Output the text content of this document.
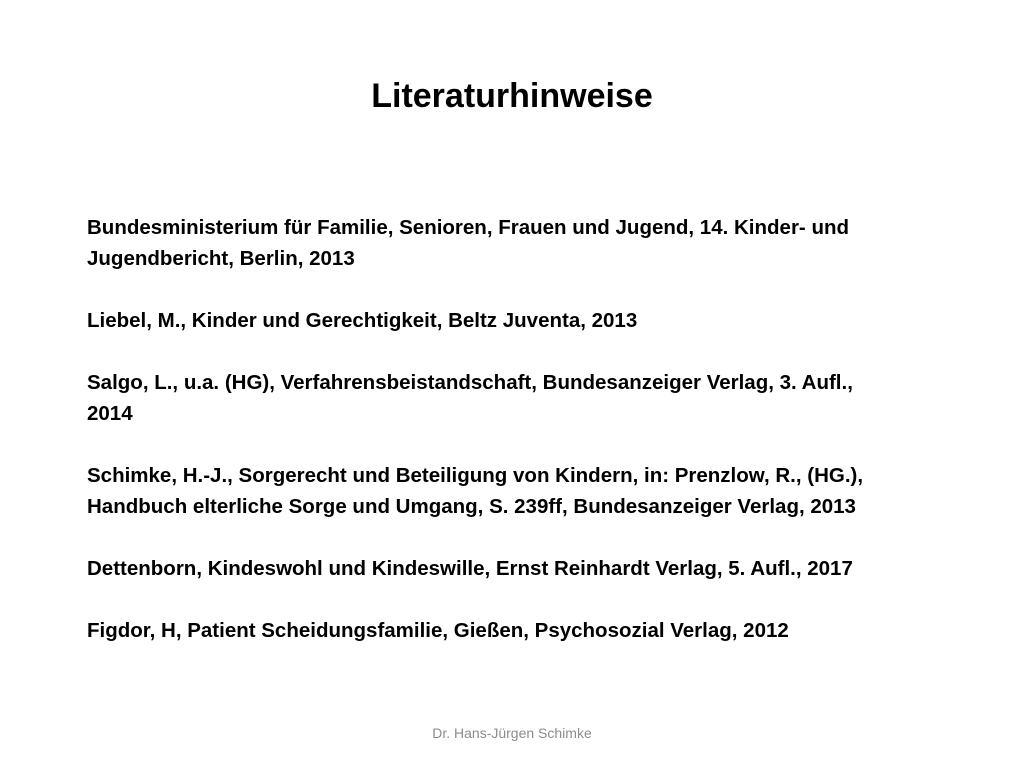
Literaturhinweise
Bundesministerium für Familie, Senioren, Frauen und Jugend, 14. Kinder- und
Jugendbericht, Berlin, 2013
Liebel, M., Kinder und Gerechtigkeit, Beltz Juventa, 2013
Salgo, L., u.a. (HG), Verfahrensbeistandschaft, Bundesanzeiger Verlag, 3. Aufl.,
2014
Schimke, H.-J., Sorgerecht und Beteiligung von Kindern, in: Prenzlow, R., (HG.),
Handbuch elterliche Sorge und Umgang, S. 239ff, Bundesanzeiger Verlag, 2013
Dettenborn, Kindeswohl und Kindeswille, Ernst Reinhardt Verlag, 5. Aufl., 2017
Figdor, H, Patient Scheidungsfamilie, Gießen, Psychosozial Verlag, 2012
Dr. Hans-Jürgen Schimke
